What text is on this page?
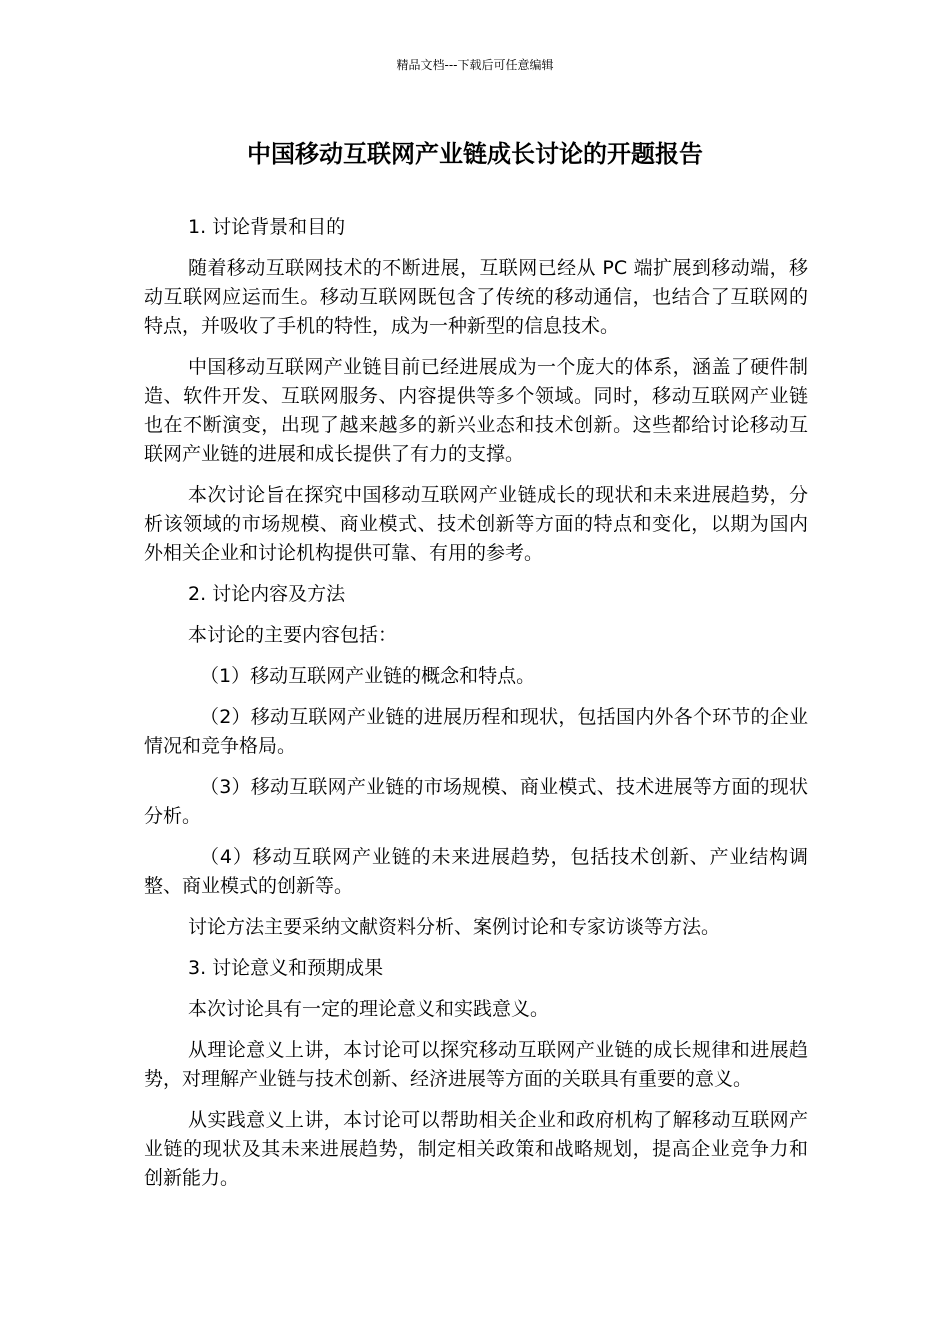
精品文档---下载后可任意编辑
中国移动互联网产业链成长讨论的开题报告

1. 讨论背景和目的

随着移动互联网技术的不断进展，互联网已经从 PC 端扩展到移动端，移动互联网应运而生。移动互联网既包含了传统的移动通信，也结合了互联网的特点，并吸收了手机的特性，成为一种新型的信息技术。

中国移动互联网产业链目前已经进展成为一个庞大的体系，涵盖了硬件制造、软件开发、互联网服务、内容提供等多个领域。同时，移动互联网产业链也在不断演变，出现了越来越多的新兴业态和技术创新。这些都给讨论移动互联网产业链的进展和成长提供了有力的支撑。

本次讨论旨在探究中国移动互联网产业链成长的现状和未来进展趋势，分析该领域的市场规模、商业模式、技术创新等方面的特点和变化，以期为国内外相关企业和讨论机构提供可靠、有用的参考。

2. 讨论内容及方法

本讨论的主要内容包括：

（1）移动互联网产业链的概念和特点。

（2）移动互联网产业链的进展历程和现状，包括国内外各个环节的企业情况和竞争格局。

（3）移动互联网产业链的市场规模、商业模式、技术进展等方面的现状分析。

（4）移动互联网产业链的未来进展趋势，包括技术创新、产业结构调整、商业模式的创新等。

讨论方法主要采纳文献资料分析、案例讨论和专家访谈等方法。

3. 讨论意义和预期成果

本次讨论具有一定的理论意义和实践意义。

从理论意义上讲，本讨论可以探究移动互联网产业链的成长规律和进展趋势，对理解产业链与技术创新、经济进展等方面的关联具有重要的意义。

从实践意义上讲，本讨论可以帮助相关企业和政府机构了解移动互联网产业链的现状及其未来进展趋势，制定相关政策和战略规划，提高企业竞争力和创新能力。
